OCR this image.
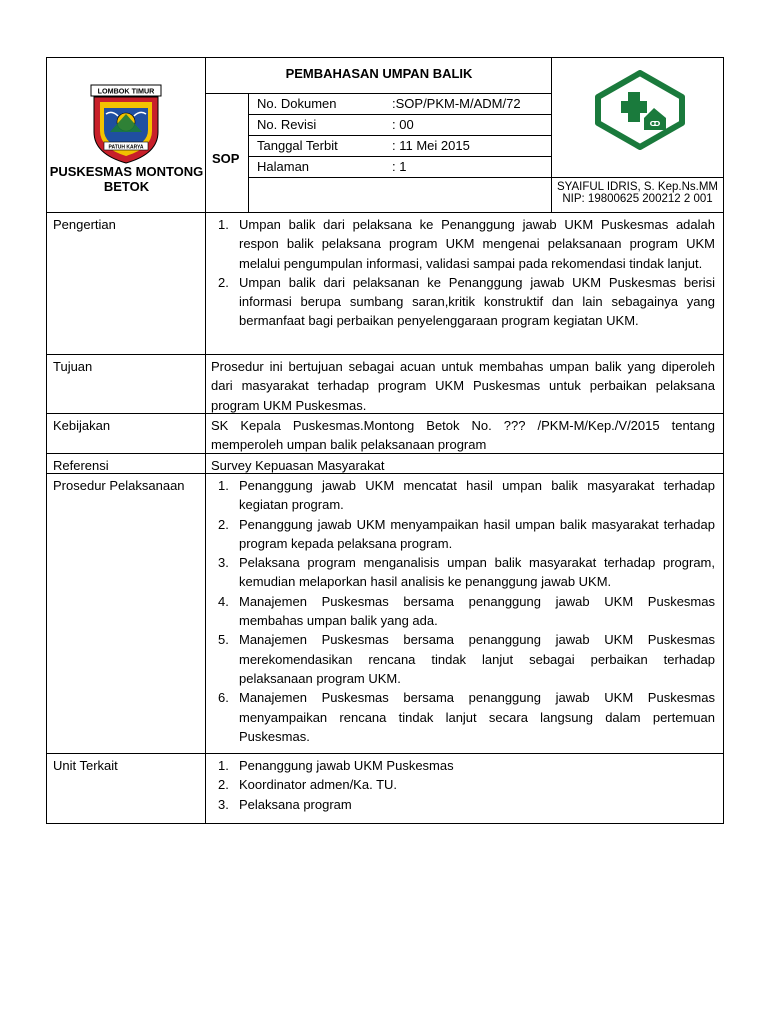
LOMBOK TIMUR
PATUH KARYA
PUSKESMAS MONTONG BETOK
PEMBAHASAN UMPAN BALIK
SOP
No. Dokumen	:SOP/PKM-M/ADM/72
No. Revisi	: 00
Tanggal Terbit	: 11 Mei 2015
Halaman	: 1
SYAIFUL IDRIS, S. Kep.Ns.MM
NIP: 19800625 200212 2 001
Pengertian	1. Umpan balik dari pelaksana ke Penanggung jawab UKM Puskesmas adalah respon balik pelaksana program UKM mengenai pelaksanaan program UKM melalui pengumpulan informasi, validasi sampai pada rekomendasi tindak lanjut.
2. Umpan balik dari pelaksanan ke Penanggung jawab UKM Puskesmas berisi informasi berupa sumbang saran,kritik konstruktif dan lain sebagainya yang bermanfaat bagi perbaikan penyelenggaraan program kegiatan UKM.
Tujuan	Prosedur ini bertujuan sebagai acuan untuk membahas umpan balik yang diperoleh dari masyarakat terhadap program UKM Puskesmas untuk perbaikan pelaksana program UKM Puskesmas.

Kebijakan	SK Kepala Puskesmas.Montong Betok No. ??? /PKM-M/Kep./V/2015 tentang memperoleh umpan balik pelaksanaan program

Referensi	Survey Kepuasan Masyarakat

Prosedur Pelaksanaan	1. Penanggung jawab UKM mencatat hasil umpan balik masyarakat terhadap kegiatan program.
2. Penanggung jawab UKM menyampaikan hasil umpan balik masyarakat terhadap program kepada pelaksana program.
3. Pelaksana program menganalisis umpan balik masyarakat terhadap program, kemudian melaporkan hasil analisis ke penanggung jawab UKM.
4. Manajemen Puskesmas bersama penanggung jawab UKM Puskesmas membahas umpan balik yang ada.
5. Manajemen Puskesmas bersama penanggung jawab UKM Puskesmas merekomendasikan rencana tindak lanjut sebagai perbaikan terhadap pelaksanaan program UKM.
6. Manajemen Puskesmas bersama penanggung jawab UKM Puskesmas menyampaikan rencana tindak lanjut secara langsung dalam pertemuan Puskesmas.
Unit Terkait	1. Penanggung jawab UKM Puskesmas
2. Koordinator admen/Ka. TU.
3. Pelaksana program
